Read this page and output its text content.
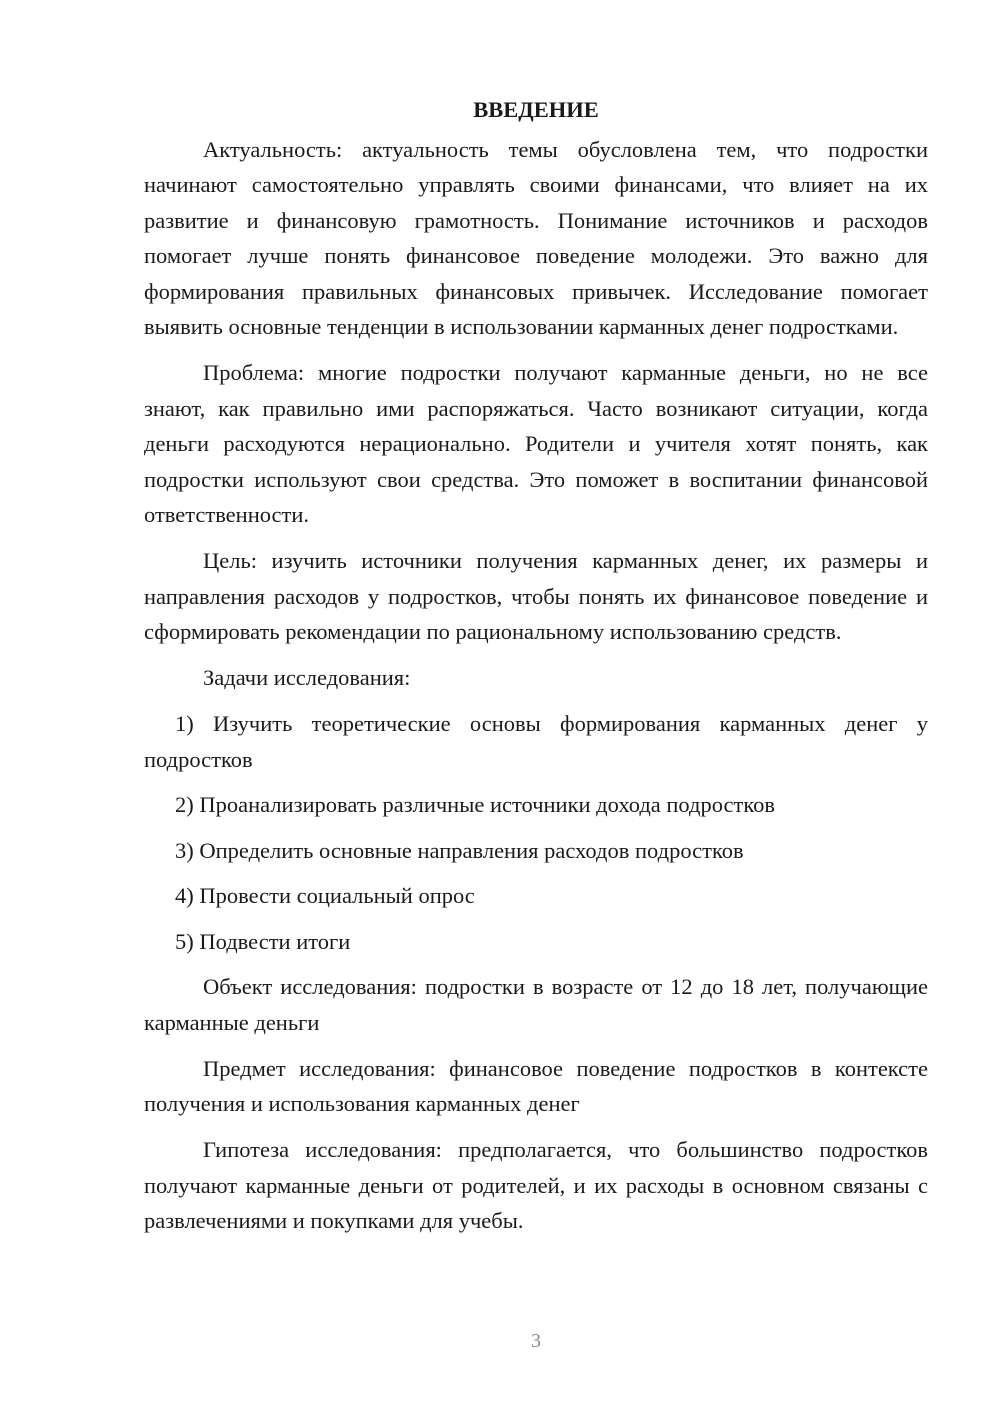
ВВЕДЕНИЕ

Актуальность: актуальность темы обусловлена тем, что подростки начинают самостоятельно управлять своими финансами, что влияет на их развитие и финансовую грамотность. Понимание источников и расходов помогает лучше понять финансовое поведение молодежи. Это важно для формирования правильных финансовых привычек. Исследование помогает выявить основные тенденции в использовании карманных денег подростками.

Проблема: многие подростки получают карманные деньги, но не все знают, как правильно ими распоряжаться. Часто возникают ситуации, когда деньги расходуются нерационально. Родители и учителя хотят понять, как подростки используют свои средства. Это поможет в воспитании финансовой ответственности.

Цель: изучить источники получения карманных денег, их размеры и направления расходов у подростков, чтобы понять их финансовое поведение и сформировать рекомендации по рациональному использованию средств.

Задачи исследования:

1) Изучить теоретические основы формирования карманных денег у подростков

2) Проанализировать различные источники дохода подростков

3) Определить основные направления расходов подростков

4) Провести социальный опрос

5) Подвести итоги

Объект исследования: подростки в возрасте от 12 до 18 лет, получающие карманные деньги

Предмет исследования: финансовое поведение подростков в контексте получения и использования карманных денег

Гипотеза исследования: предполагается, что большинство подростков получают карманные деньги от родителей, и их расходы в основном связаны с развлечениями и покупками для учебы.

3
